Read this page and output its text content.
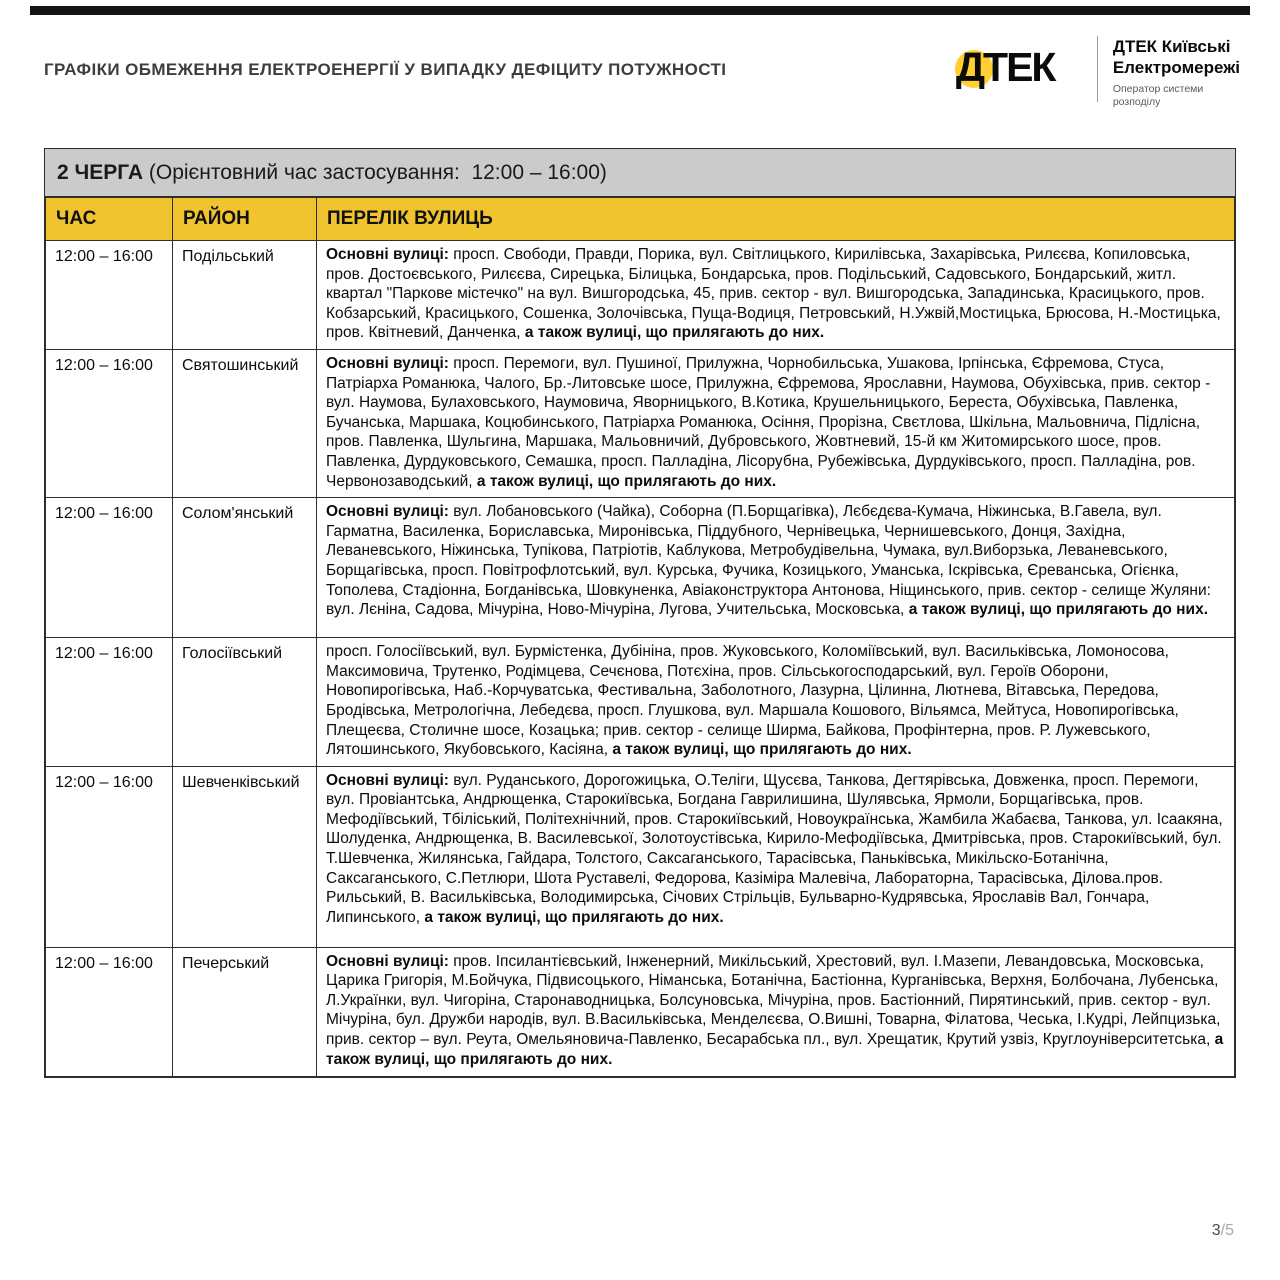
ГРАФІКИ ОБМЕЖЕННЯ ЕЛЕКТРОЕНЕРГІЇ У ВИПАДКУ ДЕФІЦИТУ ПОТУЖНОСТІ	ДТЕК	ДТЕК Київські
Електромережі
Оператор системи
розподілу
2 ЧЕРГА (Орієнтовний час застосування:  12:00 – 16:00)
ЧАС	РАЙОН	ПЕРЕЛІК ВУЛИЦЬ
12:00 – 16:00	Подільський	Основні вулиці: просп. Свободи, Правди, Порика, вул. Світлицького, Кирилівська, Захарівська, Рилєєва, Копиловська, пров. Достоєвського, Рилєєва, Сирецька, Білицька, Бондарська, пров. Подільський, Садовського, Бондарський, житл. квартал "Паркове містечко" на вул. Вишгородська, 45, прив. сектор - вул. Вишгородська, Западинська, Красицького, пров. Кобзарський, Красицького, Сошенка, Золочівська, Пуща-Водиця, Петровський, Н.Ужвій,Мостицька, Брюсова, Н.-Мостицька, пров. Квітневий, Данченка, а також вулиці, що прилягають до них.
12:00 – 16:00	Святошинський	Основні вулиці: просп. Перемоги, вул. Пушиної, Прилужна, Чорнобильська, Ушакова, Ірпінська, Єфремова, Стуса, Патріарха Романюка, Чалого, Бр.-Литовське шосе, Прилужна, Єфремова, Ярославни, Наумова, Обухівська, прив. сектор - вул. Наумова, Булаховського, Наумовича, Яворницького, В.Котика, Крушельницького, Береста, Обухівська, Павленка, Бучанська, Маршака, Коцюбинського, Патріарха Романюка, Осіння, Прорізна, Свєтлова, Шкільна, Мальовнича, Підлісна, пров. Павленка, Шульгина, Маршака, Мальовничий, Дубровського, Жовтневий, 15-й км Житомирського шосе, пров. Павленка, Дурдуковського, Семашка, просп. Палладіна, Лісорубна, Рубежівська, Дурдуківського, просп. Палладіна, ров. Червонозаводський, а також вулиці, що прилягають до них.
12:00 – 16:00	Солом'янський	Основні вулиці: вул. Лобановського (Чайка), Соборна (П.Борщагівка), Лєбєдєва-Кумача, Ніжинська, В.Гавела, вул. Гарматна, Василенка, Бориславська, Миронівська, Піддубного, Чернівецька, Чернишевського, Донця, Західна, Леваневського, Ніжинська, Тупікова, Патріотів, Каблукова, Метробудівельна, Чумака, вул.Виборзька, Леваневського, Борщагівська, просп. Повітрофлотський, вул. Курська, Фучика, Козицького, Уманська, Іскрівська, Єреванська, Огієнка, Тополева, Стадіонна, Богданівська, Шовкуненка, Авіаконструктора Антонова, Ніщинського, прив. сектор - селище Жуляни: вул. Лєніна, Садова, Мічуріна, Ново-Мічуріна, Лугова, Учительська, Московська, а також вулиці, що прилягають до них.
12:00 – 16:00	Голосіївський	просп. Голосіївський, вул. Бурмістенка, Дубініна, пров. Жуковського, Коломіївський, вул. Васильківська, Ломоносова, Максимовича, Трутенко, Родімцева, Сечєнова, Потєхіна, пров. Сільськогосподарський, вул. Героїв Оборони, Новопирогівська, Наб.-Корчуватська, Фестивальна, Заболотного, Лазурна, Цілинна, Лютнева, Вітавська, Передова, Бродівська, Метрологічна, Лебедєва, просп. Глушкова, вул. Маршала Кошового, Вільямса, Мейтуса, Новопирогівська, Плещеєва, Столичне шосе, Козацька; прив. сектор - селище Ширма, Байкова, Профінтерна, пров. Р. Лужевського, Лятошинського, Якубовського, Касіяна, а також вулиці, що прилягають до них.
12:00 – 16:00	Шевченківський	Основні вулиці: вул. Руданського, Дорогожицька, О.Теліги, Щусєва, Танкова, Дегтярівська, Довженка, просп. Перемоги, вул. Провіантська, Андрющенка, Старокиївська, Богдана Гаврилишина, Шулявська, Ярмоли, Борщагівська, пров. Мефодіївський, Тбіліський, Політехнічний, пров. Старокиївський, Новоукраїнська, Жамбила Жабаєва, Танкова, ул. Ісаакяна, Шолуденка, Андрющенка, В. Василевської, Золотоустівська, Кирило-Мефодіївська, Дмитрівська, пров. Старокиївський, бул. Т.Шевченка, Жилянська, Гайдара, Толстого, Саксаганського, Тарасівська, Паньківська, Микільско-Ботанічна, Саксаганського, С.Петлюри, Шота Руставелі, Федорова, Казіміра Малевіча, Лабораторна, Тарасівська, Ділова.пров. Рильський, В. Васильківська, Володимирська, Січових Стрільців, Бульварно-Кудрявська, Ярославів Вал, Гончара, Липинського, а також вулиці, що прилягають до них.
12:00 – 16:00	Печерський	Основні вулиці: пров. Іпсилантієвський, Інженерний, Микільський, Хрестовий, вул. І.Мазепи, Левандовська, Московська, Царика Григорія, М.Бойчука, Підвисоцького, Німанська, Ботанічна, Бастіонна, Курганівська, Верхня, Болбочана, Лубенська, Л.Українки, вул. Чигоріна, Старонаводницька, Болсуновська, Мічуріна, пров. Бастіонний, Пирятинський, прив. сектор - вул. Мічуріна, бул. Дружби народів, вул. В.Васильківська, Менделєєва, О.Вишні, Товарна, Філатова, Чеська, І.Кудрі, Лейпцизька, прив. сектор – вул. Реута, Омельяновича-Павленко, Бесарабська пл., вул. Хрещатик, Крутий узвіз, Круглоуніверситетська, а також вулиці, що прилягають до них.
3/5
